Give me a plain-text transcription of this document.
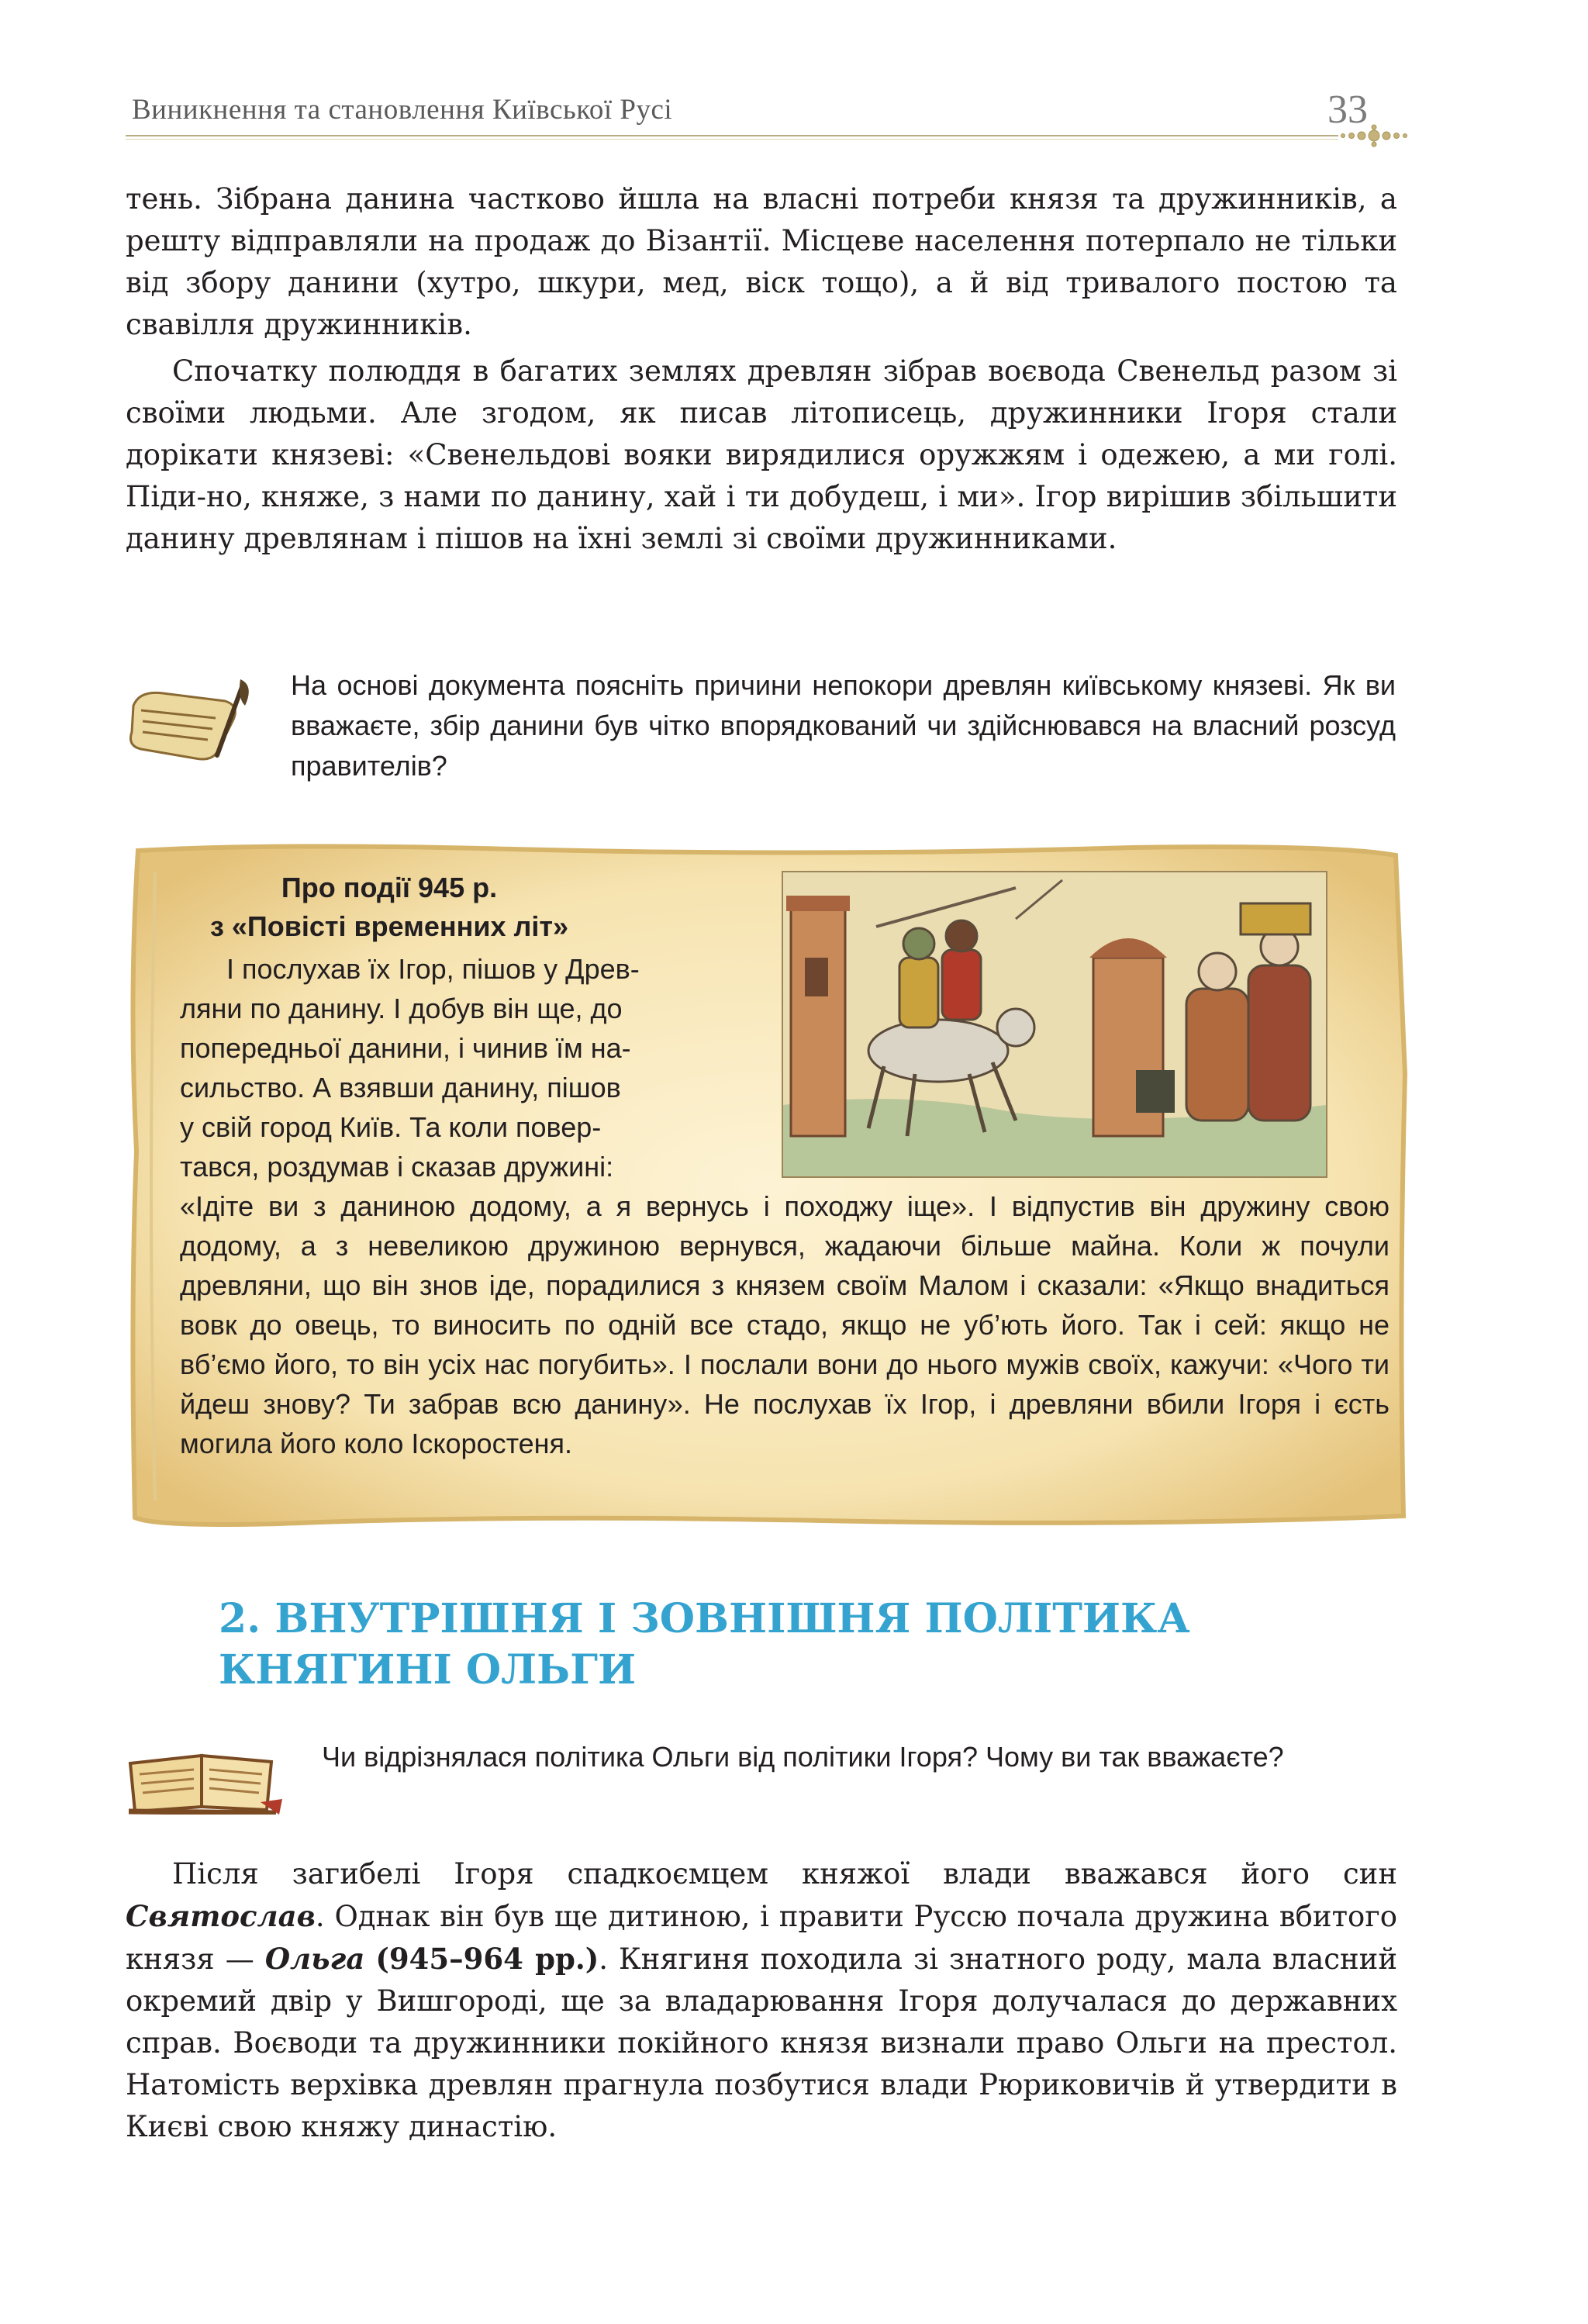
Виникнення та становлення Київської Русі	33

тень. Зібрана данина частково йшла на власні потреби князя та дружинників, а решту відправляли на продаж до Візантії. Місцеве населення потерпало не тільки від збору данини (хутро, шкури, мед, віск тощо), а й від тривалого постою та свавілля дружинників.

Спочатку полюддя в багатих землях древлян зібрав воєвода Свенельд разом зі своїми людьми. Але згодом, як писав літописець, дружинники Ігоря стали дорікати князеві: «Свенельдові вояки вирядилися оружжям і одежею, а ми голі. Піди-но, княже, з нами по данину, хай і ти добудеш, і ми». Ігор вирішив збільшити данину древлянам і пішов на їхні землі зі своїми дружинниками.

На основі документа поясніть причини непокори древлян київському князеві. Як ви вважаєте, збір данини був чітко впорядкований чи здійснювався на власний розсуд правителів?
Про події 945 р.
з «Повісті временних літ»
І послухав їх Ігор, пішов у Древ-
ляни по данину. І добув він ще, до
попередньої данини, і чинив їм на-
сильство. А взявши данину, пішов
у свій город Київ. Та коли повер-
тався, роздумав і сказав дружині:

«Ідіте ви з даниною додому, а я вернусь і походжу іще». І відпустив він дружину свою додому, а з невеликою дружиною вернувся, жадаючи більше майна. Коли ж почули древляни, що він знов іде, порадилися з князем своїм Малом і сказали: «Якщо внадиться вовк до овець, то виносить по одній все стадо, якщо не уб’ють його. Так і сей: якщо не вб’ємо його, то він усіх нас погубить». І послали вони до нього мужів своїх, кажучи: «Чого ти йдеш знову? Ти забрав всю данину». Не послухав їх Ігор, і древляни вбили Ігоря і єсть могила його коло Іскоростеня.

2. ВНУТРІШНЯ І ЗОВНІШНЯ ПОЛІТИКА
КНЯГИНІ ОЛЬГИ
Чи відрізнялася політика Ольги від політики Ігоря? Чому ви так вважаєте?

Після загибелі Ігоря спадкоємцем княжої влади вважався його син Святослав. Однак він був ще дитиною, і правити Руссю почала дружина вбитого князя — Ольга (945–964 рр.). Княгиня походила зі знатного роду, мала власний окремий двір у Вишгороді, ще за владарювання Ігоря долучалася до державних справ. Воєводи та дружинники покійного князя визнали право Ольги на престол. Натомість верхівка древлян прагнула позбутися влади Рюриковичів й утвердити в Києві свою княжу династію.
